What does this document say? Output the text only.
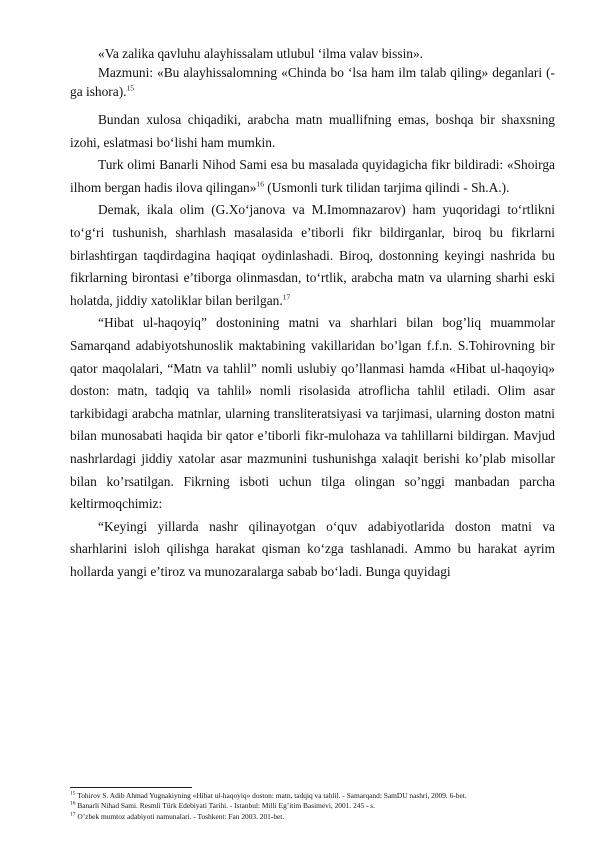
«Va zalika qavluhu alayhissalam utlubul ‘ilma valav bissin».

Mazmuni: «Bu alayhissalomning «Chinda bo ‘lsa ham ilm talab qiling» deganlari (-ga ishora).$^{15}$

Bundan xulosa chiqadiki, arabcha matn muallifning emas, boshqa bir shaxsning izohi, eslatmasi bo‘lishi ham mumkin.

Turk olimi Banarli Nihod Sami esa bu masalada quyidagicha fikr bildiradi: «Shoirga ilhom bergan hadis ilova qilingan»$^{16}$ (Usmonli turk tilidan tarjima qilindi - Sh.A.).

Demak, ikala olim (G.Xo‘janova va M.Imomnazarov) ham yuqoridagi to‘rtlikni to‘g‘ri tushunish, sharhlash masalasida e’tiborli fikr bildirganlar, biroq bu fikrlarni birlashtirgan taqdirdagina haqiqat oydinlashadi. Biroq, dostonning keyingi nashrida bu fikrlarning birontasi e’tiborga olinmasdan, to‘rtlik, arabcha matn va ularning sharhi eski holatda, jiddiy xatoliklar bilan berilgan.$^{17}$

“Hibat ul-haqoyiq” dostonining matni va sharhlari bilan bog’liq muammolar Samarqand adabiyotshunoslik maktabining vakillaridan bo’lgan f.f.n. S.Tohirovning bir qator maqolalari, “Matn va tahlil” nomli uslubiy qo’llanmasi hamda «Hibat ul-haqoyiq» doston: matn, tadqiq va tahlil» nomli risolasida atroflicha tahlil etiladi. Olim asar tarkibidagi arabcha matnlar, ularning transliteratsiyasi va tarjimasi, ularning doston matni bilan munosabati haqida bir qator e’tiborli fikr-mulohaza va tahlillarni bildirgan. Mavjud nashrlardagi jiddiy xatolar asar mazmunini tushunishga xalaqit berishi ko’plab misollar bilan ko’rsatilgan. Fikrning isboti uchun tilga olingan so’nggi manbadan parcha keltirmoqchimiz:

“Keyingi yillarda nashr qilinayotgan o‘quv adabiyotlarida doston matni va sharhlarini isloh qilishga harakat qisman ko‘zga tashlanadi. Ammo bu harakat ayrim hollarda yangi e’tiroz va munozaralarga sabab bo‘ladi. Bunga quyidagi

$^{15}$ Tohirov S. Adib Ahmad Yugnakiyning «Hibat ul-haqoyiq» doston: matn, tadqiq va tahlil. - Samarqand: SamDU nashri, 2009. 6-bet.
$^{16}$ Banarli Nihad Sami. Resmli Türk Edebiyati Tarihi. - Istanbul: Milli Eg’itim Basimevi, 2001. 245 - s.
$^{17}$ O’zbek mumtoz adabiyoti namunalari. - Toshkent: Fan 2003. 201-bet.
